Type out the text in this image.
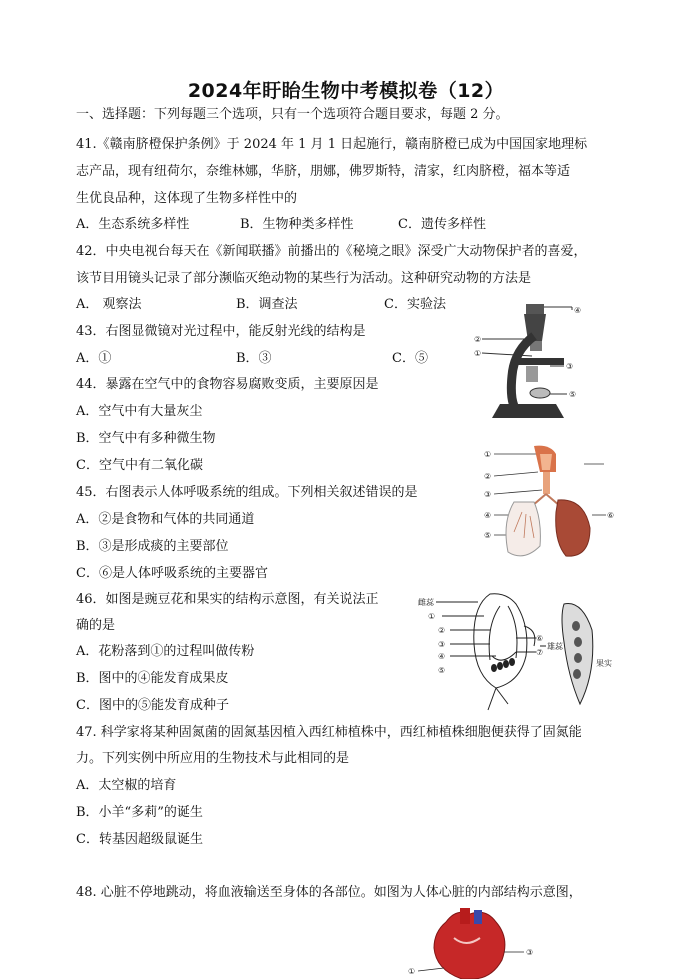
2024年盱眙生物中考模拟卷（12）
一、选择题：下列每题三个选项，只有一个选项符合题目要求，每题 2 分。
41.《赣南脐橙保护条例》于 2024 年 1 月 1 日起施行，赣南脐橙已成为中国国家地理标
志产品，现有纽荷尔，奈维林娜，华脐，朋娜，佛罗斯特，清家，红肉脐橙，福本等适
生优良品种，这体现了生物多样性中的
A．生态系统多样性	B．生物种类多样性	C．遗传多样性
42．中央电视台每天在《新闻联播》前播出的《秘境之眼》深受广大动物保护者的喜爱，
该节目用镜头记录了部分濒临灭绝动物的某些行为活动。这种研究动物的方法是
A． 观察法	B．调查法	C．实验法
43．右图显微镜对光过程中，能反射光线的结构是
A．①	B．③	C．⑤
④
②
①
③
⑤
44．暴露在空气中的食物容易腐败变质，主要原因是
A．空气中有大量灰尘
B．空气中有多种微生物
C．空气中有二氧化碳
45．右图表示人体呼吸系统的组成。下列相关叙述错误的是
A．②是食物和气体的共同通道
B．③是形成痰的主要部位
C．⑥是人体呼吸系统的主要器官
①
②
③
④
⑤
⑥
46．如图是豌豆花和果实的结构示意图，有关说法正
确的是
A．花粉落到①的过程叫做传粉
B．图中的④能发育成果皮
C．图中的⑤能发育成种子
雌蕊
①
②
③
④
⑤
⑥
⑦
雄蕊
果实
47. 科学家将某种固氮菌的固氮基因植入西红柿植株中，西红柿植株细胞便获得了固氮能
力。下列实例中所应用的生物技术与此相同的是
A．太空椒的培育
B．小羊“多莉”的诞生
C．转基因超级鼠诞生
48. 心脏不停地跳动，将血液输送至身体的各部位。如图为人体心脏的内部结构示意图，
③
①
